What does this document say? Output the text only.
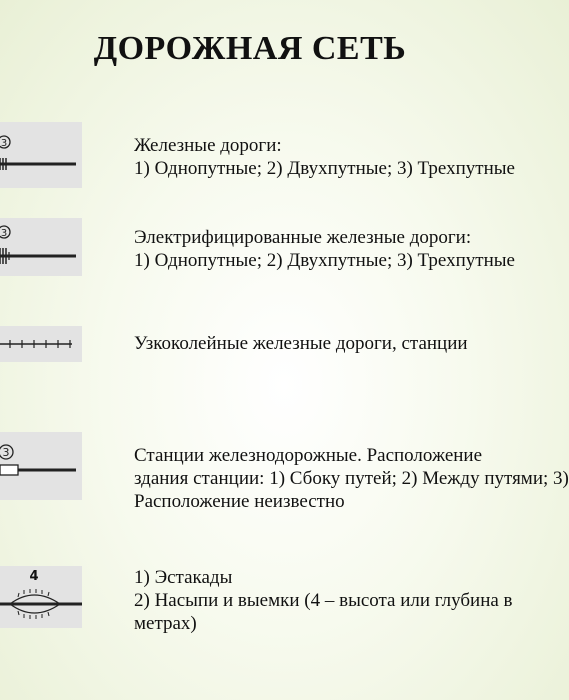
ДОРОЖНАЯ СЕТЬ
3	Железные дороги:
1) Однопутные; 2) Двухпутные; 3) Трехпутные
3	Электрифицированные железные дороги:
1) Однопутные; 2) Двухпутные; 3) Трехпутные
Узкоколейные железные дороги, станции
3	Станции железнодорожные. Расположение
здания станции: 1) Сбоку путей; 2) Между путями; 3)
Расположение неизвестно
4	1) Эстакады
2) Насыпи и выемки (4 – высота или глубина в
метрах)
